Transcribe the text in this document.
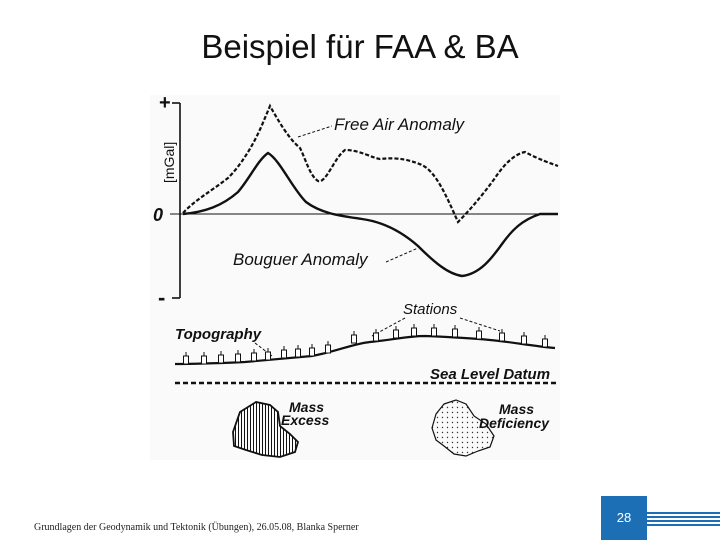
Beispiel für FAA & BA
+
0
-
[mGal]
Free Air Anomaly
Bouguer Anomaly
Stations
Topography
Sea Level Datum
Mass
Excess
Mass
Deficiency
Grundlagen der Geodynamik und Tektonik (Übungen), 26.05.08, Blanka Sperner
28
